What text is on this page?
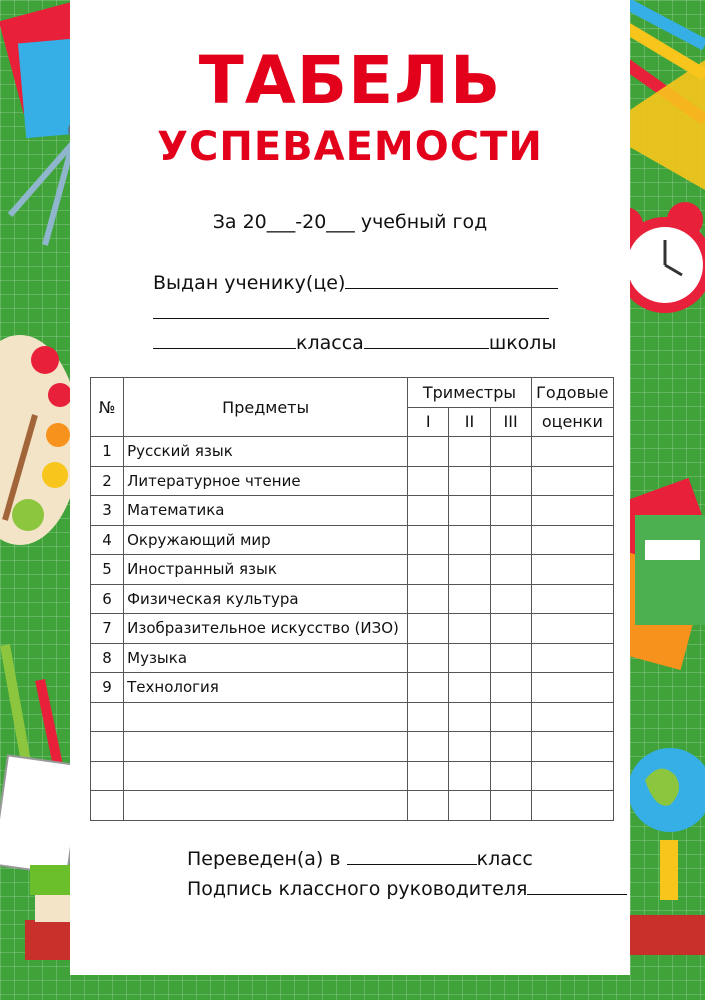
ТАБЕЛЬ
УСПЕВАЕМОСТИ
За 20___-20___ учебный год
Выдан ученику(це)
класса	школы
№	Предметы	Триместры			Годовые
		I	II	III	оценки
1	Русский язык				
2	Литературное чтение				
3	Математика				
4	Окружающий мир				
5	Иностранный язык				
6	Физическая культура				
7	Изобразительное искусство (ИЗО)				
8	Музыка				
9	Технология				

Переведен(а) в	класс
Подпись классного руководителя
